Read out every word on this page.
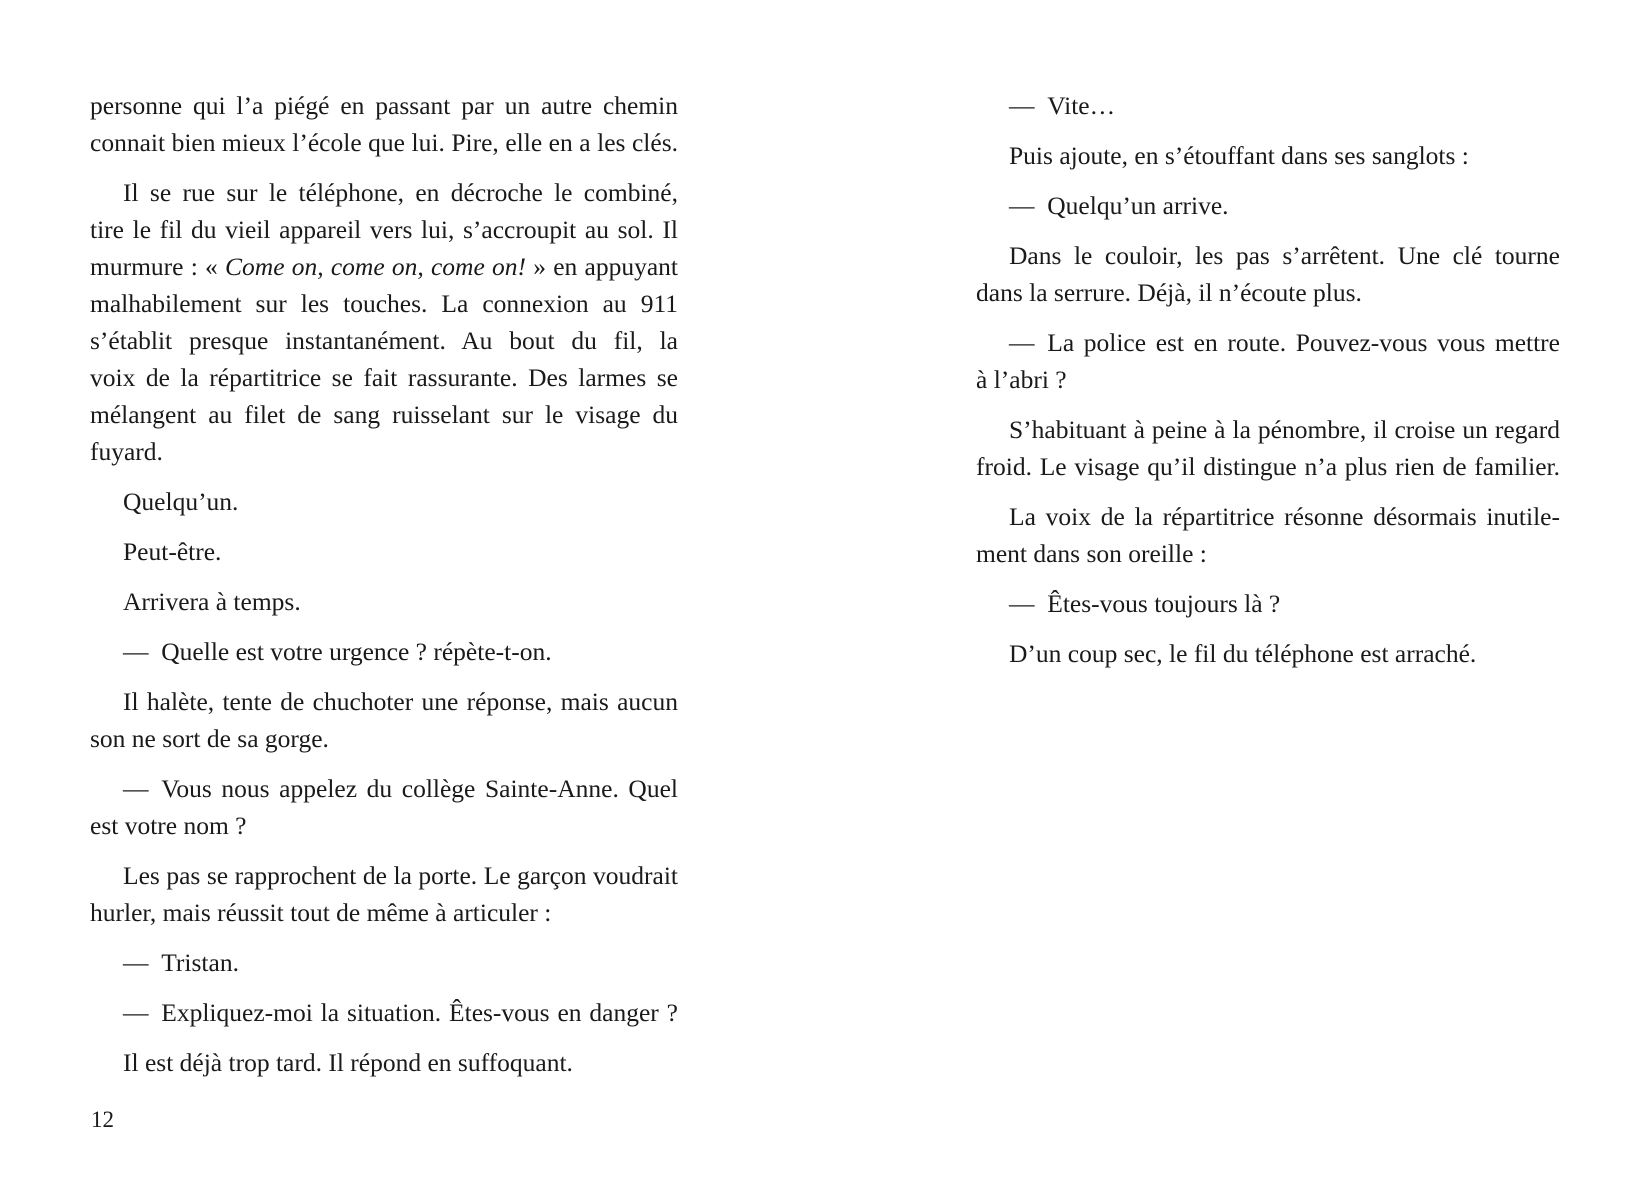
personne qui l’a piégé en passant par un autre chemin
connait bien mieux l’école que lui. Pire, elle en a les clés.
Il se rue sur le téléphone, en décroche le combiné,
tire le fil du vieil appareil vers lui, s’accroupit au sol. Il
murmure : « Come on, come on, come on! » en appuyant
malhabilement sur les touches. La connexion au 911
s’établit presque instantanément. Au bout du fil, la
voix de la répartitrice se fait rassurante. Des larmes se
mélangent au filet de sang ruisselant sur le visage du
fuyard.
Quelqu’un.
Peut-être.
Arrivera à temps.
— Quelle est votre urgence ? répète-t-on.
Il halète, tente de chuchoter une réponse, mais aucun
son ne sort de sa gorge.
— Vous nous appelez du collège Sainte-Anne. Quel
est votre nom ?
Les pas se rapprochent de la porte. Le garçon voudrait
hurler, mais réussit tout de même à articuler :
— Tristan.
— Expliquez-moi la situation. Êtes-vous en danger ?
Il est déjà trop tard. Il répond en suffoquant.
12
— Vite…
Puis ajoute, en s’étouffant dans ses sanglots :
— Quelqu’un arrive.
Dans le couloir, les pas s’arrêtent. Une clé tourne
dans la serrure. Déjà, il n’écoute plus.
— La police est en route. Pouvez-vous vous mettre
à l’abri ?
S’habituant à peine à la pénombre, il croise un regard
froid. Le visage qu’il distingue n’a plus rien de familier.
La voix de la répartitrice résonne désormais inutile-
ment dans son oreille :
— Êtes-vous toujours là ?
D’un coup sec, le fil du téléphone est arraché.
